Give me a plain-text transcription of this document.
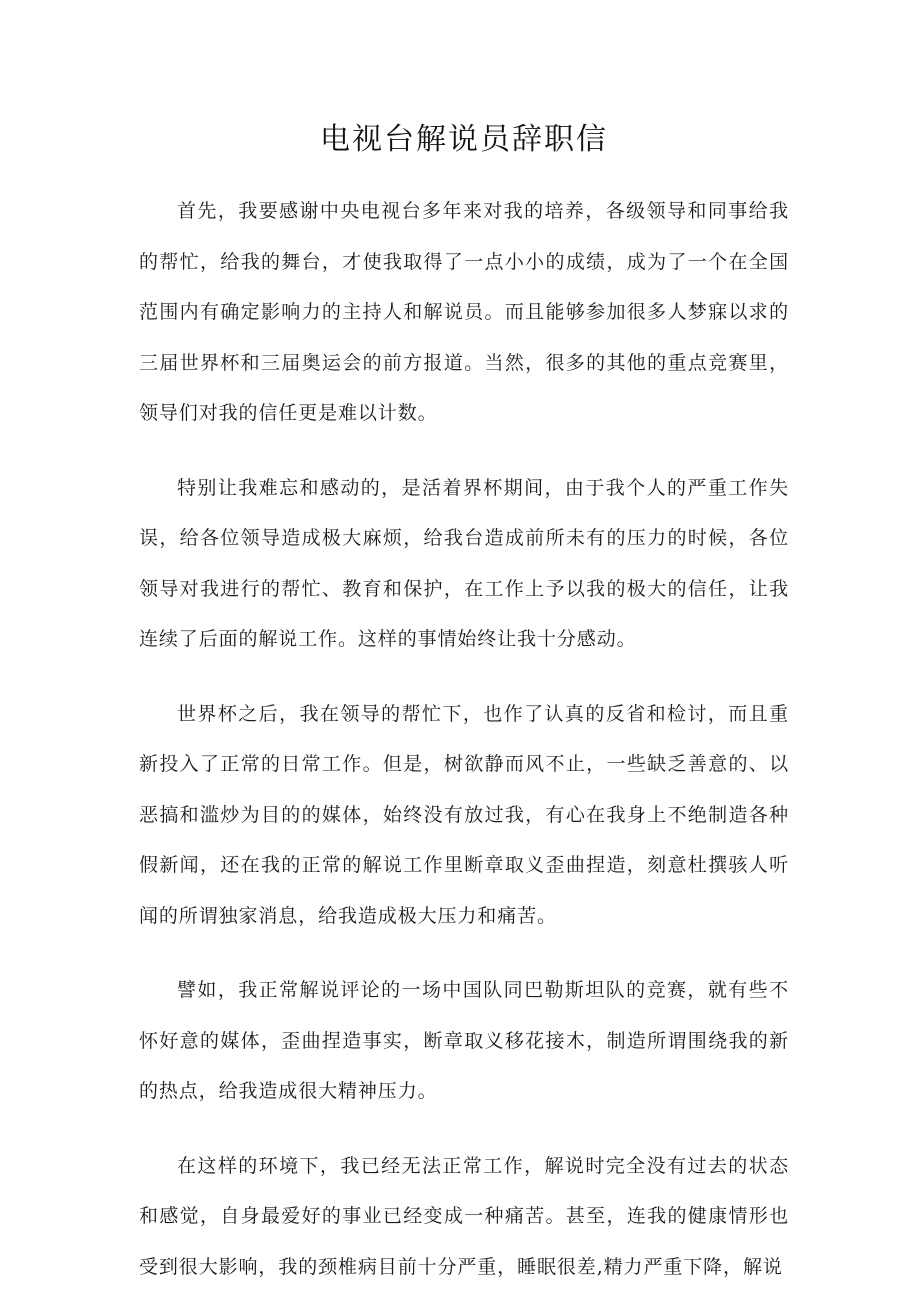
电视台解说员辞职信

首先，我要感谢中央电视台多年来对我的培养，各级领导和同事给我的帮忙，给我的舞台，才使我取得了一点小小的成绩，成为了一个在全国范围内有确定影响力的主持人和解说员。而且能够参加很多人梦寐以求的三届世界杯和三届奥运会的前方报道。当然，很多的其他的重点竞赛里，领导们对我的信任更是难以计数。

特别让我难忘和感动的，是活着界杯期间，由于我个人的严重工作失误，给各位领导造成极大麻烦，给我台造成前所未有的压力的时候，各位领导对我进行的帮忙、教育和保护，在工作上予以我的极大的信任，让我连续了后面的解说工作。这样的事情始终让我十分感动。

世界杯之后，我在领导的帮忙下，也作了认真的反省和检讨，而且重新投入了正常的日常工作。但是，树欲静而风不止，一些缺乏善意的、以恶搞和滥炒为目的的媒体，始终没有放过我，有心在我身上不绝制造各种假新闻，还在我的正常的解说工作里断章取义歪曲捏造，刻意杜撰骇人听闻的所谓独家消息，给我造成极大压力和痛苦。

譬如，我正常解说评论的一场中国队同巴勒斯坦队的竞赛，就有些不怀好意的媒体，歪曲捏造事实，断章取义移花接木，制造所谓围绕我的新的热点，给我造成很大精神压力。

在这样的环境下，我已经无法正常工作，解说时完全没有过去的状态和感觉，自身最爱好的事业已经变成一种痛苦。甚至，连我的健康情形也受到很大影响，我的颈椎病目前十分严重，睡眠很差,精力严重下降，解说
